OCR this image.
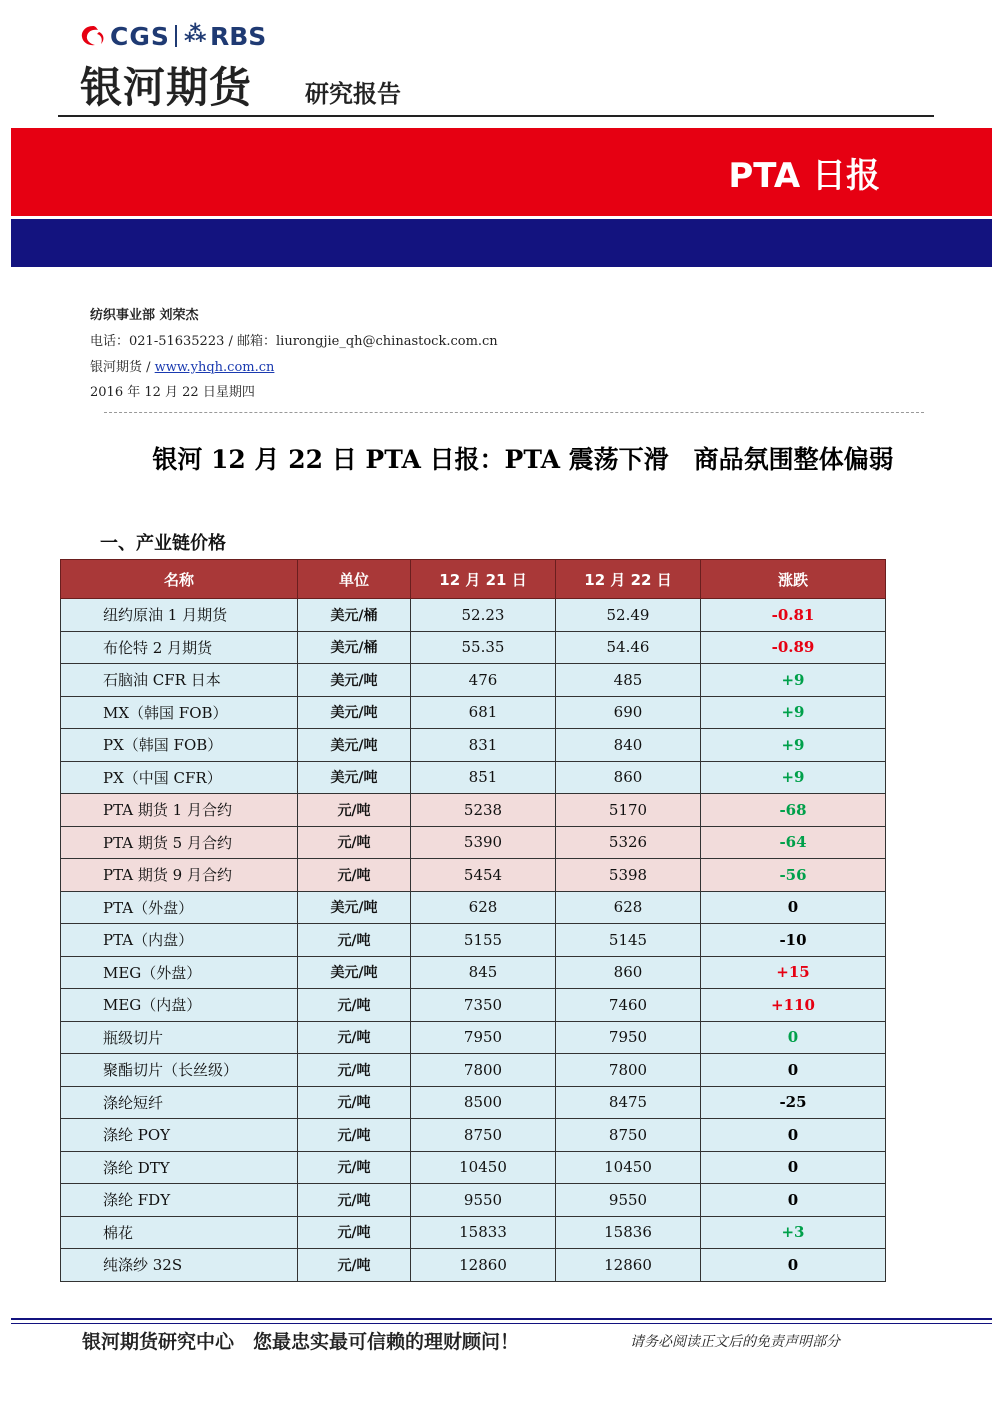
CGS ⁂ RBS
银河期货 研究报告
PTA 日报
纺织事业部 刘荣杰
电话：021-51635223 / 邮箱：liurongjie_qh@chinastock.com.cn
银河期货 / www.yhqh.com.cn
2016 年 12 月 22 日星期四
银河 12 月 22 日 PTA 日报：PTA 震荡下滑　商品氛围整体偏弱
一、产业链价格
名称	单位	12 月 21 日	12 月 22 日	涨跌
纽约原油 1 月期货	美元/桶	52.23	52.49	-0.81
布伦特 2 月期货	美元/桶	55.35	54.46	-0.89
石脑油 CFR 日本	美元/吨	476	485	+9
MX（韩国 FOB）	美元/吨	681	690	+9
PX（韩国 FOB）	美元/吨	831	840	+9
PX（中国 CFR）	美元/吨	851	860	+9
PTA 期货 1 月合约	元/吨	5238	5170	-68
PTA 期货 5 月合约	元/吨	5390	5326	-64
PTA 期货 9 月合约	元/吨	5454	5398	-56
PTA（外盘）	美元/吨	628	628	0
PTA（内盘）	元/吨	5155	5145	-10
MEG（外盘）	美元/吨	845	860	+15
MEG（内盘）	元/吨	7350	7460	+110
瓶级切片	元/吨	7950	7950	0
聚酯切片（长丝级）	元/吨	7800	7800	0
涤纶短纤	元/吨	8500	8475	-25
涤纶 POY	元/吨	8750	8750	0
涤纶 DTY	元/吨	10450	10450	0
涤纶 FDY	元/吨	9550	9550	0
棉花	元/吨	15833	15836	+3
纯涤纱 32S	元/吨	12860	12860	0
银河期货研究中心　您最忠实最可信赖的理财顾问！	请务必阅读正文后的免责声明部分
